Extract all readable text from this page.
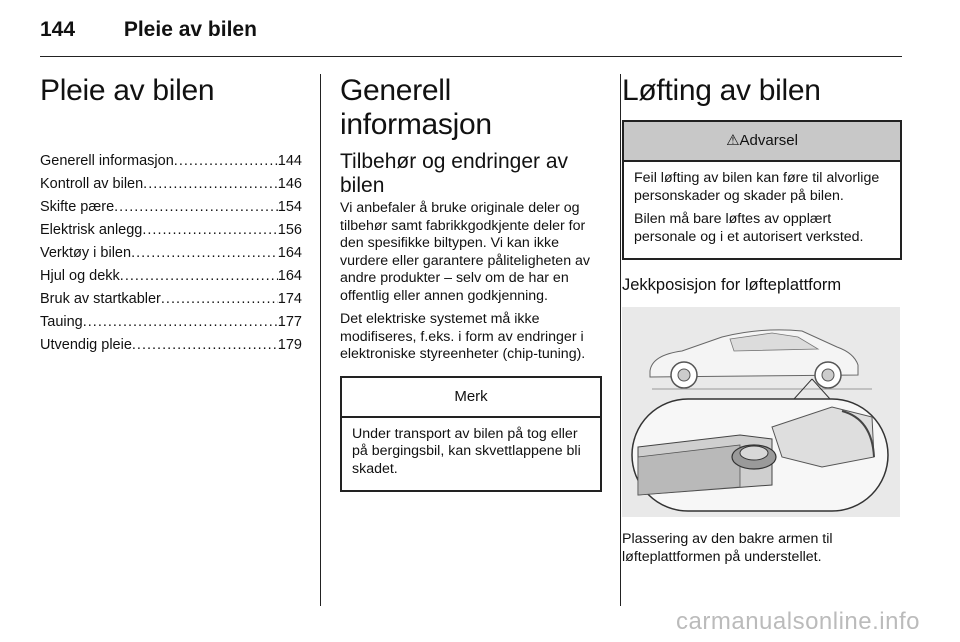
144 Pleie av bilen
Pleie av bilen
Generell informasjon .....	144
Kontroll av bilen .....	146
Skifte pære .....	154
Elektrisk anlegg .....	156
Verktøy i bilen .....	164
Hjul og dekk .....	164
Bruk av startkabler .....	174
Tauing .....	177
Utvendig pleie .....	179
Generell informasjon
Tilbehør og endringer av bilen

Vi anbefaler å bruke originale deler og tilbehør samt fabrikkgodkjente deler for den spesifikke biltypen. Vi kan ikke vurdere eller garantere påliteligheten av andre produkter – selv om de har en offentlig eller annen godkjenning.

Det elektriske systemet må ikke modifiseres, f.eks. i form av endringer i elektroniske styreenheter (chip-tuning).

Merk

Under transport av bilen på tog eller på bergingsbil, kan skvettlappene bli skadet.

Løfting av bilen
⚠Advarsel

Feil løfting av bilen kan føre til alvorlige personskader og skader på bilen.

Bilen må bare løftes av opplært personale og i et autorisert verksted.

Jekkposisjon for løfteplattform

Plassering av den bakre armen til løfteplattformen på understellet.

carmanualsonline.info
